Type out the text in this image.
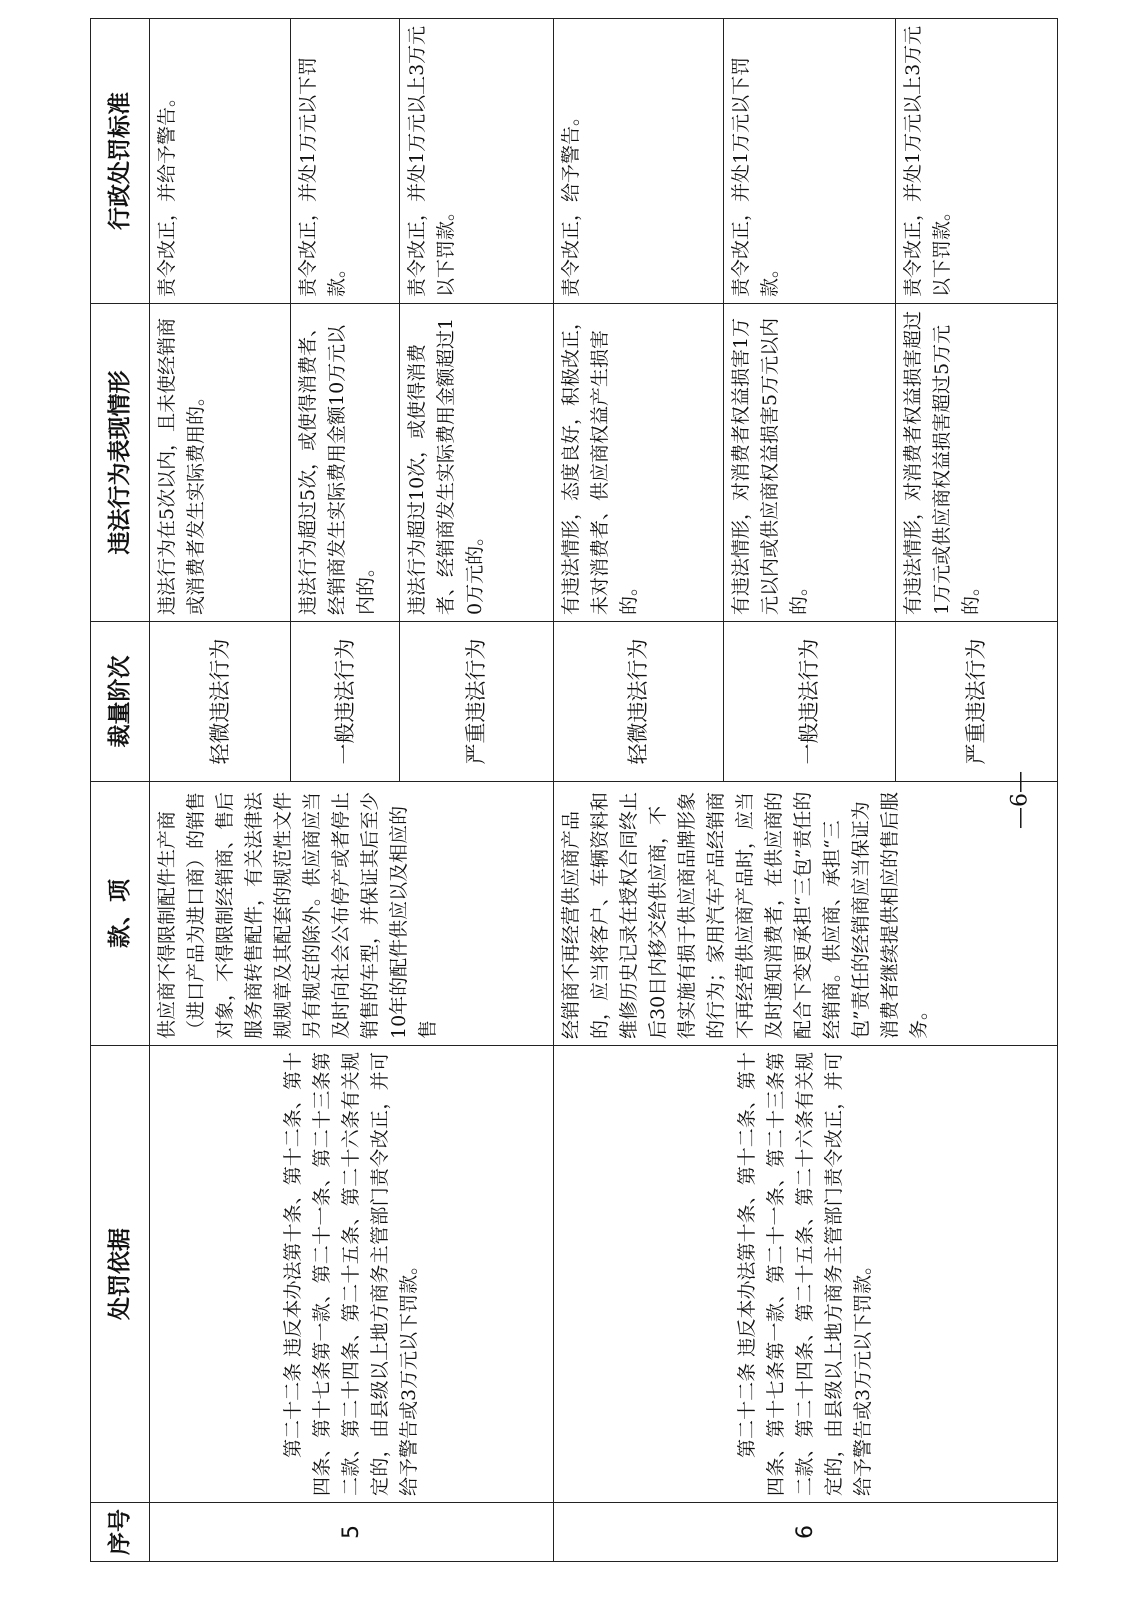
序号	处罚依据	款、项	裁量阶次	违法行为表现情形	行政处罚标准
5	第二十二条 违反本办法第十条、第十二条、第十四条、第十七条第一款、第二十一条、第二十三条第二款、第二十四条、第二十五条、第二十六条有关规定的，由县级以上地方商务主管部门责令改正，并可给予警告或3万元以下罚款。	供应商不得限制配件生产商（进口产品为进口商）的销售对象，不得限制经销商、售后服务商转售配件，有关法律法规规章及其配套的规范性文件另有规定的除外。供应商应当及时向社会公布停产或者停止销售的车型，并保证其后至少10年的配件供应以及相应的售	轻微违法行为	违法行为在5次以内，且未使经销商或消费者发生实际费用的。	责令改正，并给予警告。
			一般违法行为	违法行为超过5次，或使得消费者、经销商发生实际费用金额10万元以内的。	责令改正，并处1万元以下罚款。
			严重违法行为	违法行为超过10次，或使得消费者、经销商发生实际费用金额超过10万元的。	责令改正，并处1万元以上3万元以下罚款。
6	第二十二条 违反本办法第十条、第十二条、第十四条、第十七条第一款、第二十一条、第二十三条第二款、第二十四条、第二十五条、第二十六条有关规定的，由县级以上地方商务主管部门责令改正，并可给予警告或3万元以下罚款。	经销商不再经营供应商产品的，应当将客户、车辆资料和维修历史记录在授权合同终止后30日内移交给供应商，不得实施有损于供应商品牌形象的行为；家用汽车产品经销商不再经营供应商产品时，应当及时通知消费者，在供应商的配合下变更承担“三包”责任的经销商。供应商、承担“三包”责任的经销商应当保证为消费者继续提供相应的售后服务。	轻微违法行为	有违法情形，态度良好，积极改正，未对消费者、供应商权益产生损害的。	责令改正，给予警告。
			一般违法行为	有违法情形，对消费者权益损害1万元以内或供应商权益损害5万元以内的。	责令改正，并处1万元以下罚款。
			严重违法行为	有违法情形，对消费者权益损害超过1万元或供应商权益损害超过5万元的。	责令改正，并处1万元以上3万元以下罚款。
—6—
